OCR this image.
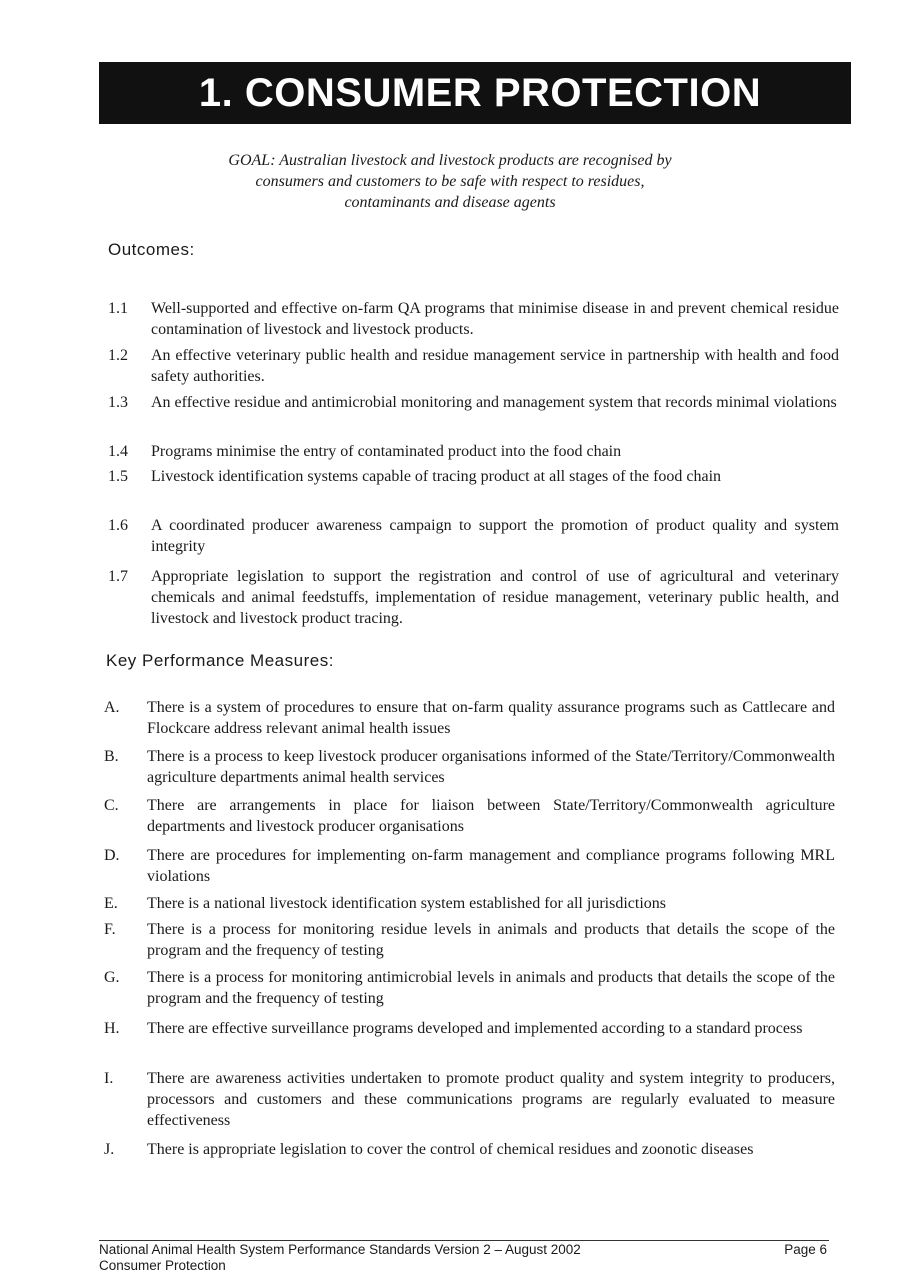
1. CONSUMER PROTECTION
GOAL: Australian livestock and livestock products are recognised by
consumers and customers to be safe with respect to residues,
contaminants and disease agents
Outcomes:
1.1 Well-supported and effective on-farm QA programs that minimise disease in and prevent chemical residue contamination of livestock and livestock products.
1.2 An effective veterinary public health and residue management service in partnership with health and food safety authorities.
1.3 An effective residue and antimicrobial monitoring and management system that records minimal violations
1.4 Programs minimise the entry of contaminated product into the food chain
1.5 Livestock identification systems capable of tracing product at all stages of the food chain
1.6 A coordinated producer awareness campaign to support the promotion of product quality and system integrity
1.7 Appropriate legislation to support the registration and control of use of agricultural and veterinary chemicals and animal feedstuffs, implementation of residue management, veterinary public health, and livestock and livestock product tracing.
Key Performance Measures:
A. There is a system of procedures to ensure that on-farm quality assurance programs such as Cattlecare and Flockcare address relevant animal health issues
B. There is a process to keep livestock producer organisations informed of the State/Territory/Commonwealth agriculture departments animal health services
C. There are arrangements in place for liaison between State/Territory/Commonwealth agriculture departments and livestock producer organisations
D. There are procedures for implementing on-farm management and compliance programs following MRL violations
E. There is a national livestock identification system established for all jurisdictions
F. There is a process for monitoring residue levels in animals and products that details the scope of the program and the frequency of testing
G. There is a process for monitoring antimicrobial levels in animals and products that details the scope of the program and the frequency of testing
H. There are effective surveillance programs developed and implemented according to a standard process
I. There are awareness activities undertaken to promote product quality and system integrity to producers, processors and customers and these communications programs are regularly evaluated to measure effectiveness
J. There is appropriate legislation to cover the control of chemical residues and zoonotic diseases
National Animal Health System Performance Standards Version 2 – August 2002	Page 6
Consumer Protection
